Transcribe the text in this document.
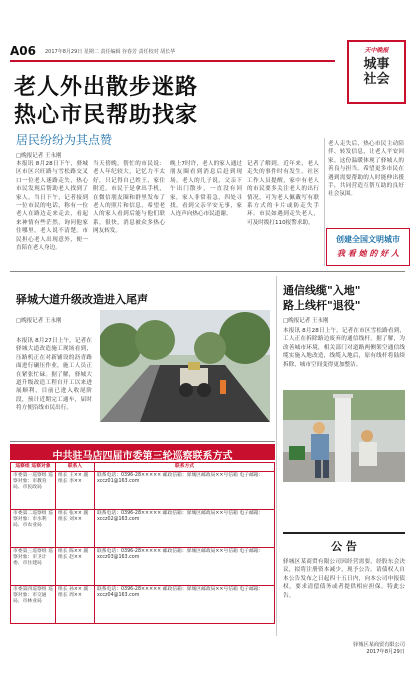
A06 2017年8月29日 星期二 责任编辑 谷春芳 责任校对 胡长华	天中晚报
城事
社会
老人外出散步迷路
热心市民帮助找家
居民纷纷为其点赞
□晚报记者 王永刚
本报讯 8月28日下午，驿城区市区兴旺路与雪松路交叉口一位老人迷路走失，热心市民发现后帮助老人找到了家人。当日下午，记者接到一位市民的电话，称有一位老人在路边走来走去，看起来神情有些茫然，询问他家住哪里，老人说不清楚。市民担心老人出现意外，便一直陪在老人身边。
当天傍晚，帮忙的市民说：老人年纪较大，记忆力不太好，只记得自己姓王，家住附近。市民于是拿出手机，在微信朋友圈和群里发布了老人的照片和信息，希望老人的家人看到后能与他们联系。很快，消息被众多热心网友转发。
晚上7时许，老人的家人通过朋友圈看到消息后赶到现场。老人的儿子说，父亲下午出门散步，一直没有回家，家人非常着急，四处寻找。看到父亲平安无事，家人连声向热心市民道谢。
记者了解到，近年来，老人走失的事件时有发生。社区工作人员提醒，家中有老人的市民要多关注老人的出行情况，可为老人佩戴写有联系方式的卡片或防走失手环。市民如遇到走失老人，可及时拨打110报警求助。
老人走失后，热心市民主动陪伴、转发信息，让老人平安回家。这份温暖体现了驿城人的善良与担当。希望更多市民在遇到需要帮助的人时能伸出援手，共同营造互帮互助的良好社会氛围。
创建全国文明城市
我 看 她 的 好 人
驿城大道升级改造进入尾声
□晚报记者 王永刚
本报讯 8月27日上午，记者在驿城大道改造施工现场看到，压路机正在对新铺设的沥青路面进行碾压作业，施工人员正在紧张忙碌。据了解，驿城大道升级改造工程自开工以来进展顺利，目前已进入收尾阶段，预计近期完工通车，届时将方便沿线市民出行。
通信线缆"入地"
路上线杆"退役"
□晚报记者 王永刚
本报讯 8月28日上午，记者在市区雪松路看到，工人正在拆除路边废弃的通信线杆。据了解，为改善城市环境，相关部门对道路两侧架空通信线缆实施入地改造，线缆入地后，原有线杆将陆续拆除，城市空间变得更加整洁。
中共驻马店四届市委第三轮巡察联系方式
巡察组 巡察对象	联系人	联系方式
市委第一巡察组 巡察对象：市教育局、市民政局	组长 王×× 副组长 李××	联系电话：0396-28××××× 邮政信箱：驿城区邮政局××号信箱 电子邮箱：xccz01@163.com
市委第二巡察组 巡察对象：市水利局、市农业局	组长 张×× 副组长 刘××	联系电话：0396-28××××× 邮政信箱：驿城区邮政局××号信箱 电子邮箱：xccz02@163.com
市委第三巡察组 巡察对象：市卫计委、市住建局	组长 陈×× 副组长 赵××	联系电话：0396-28××××× 邮政信箱：驿城区邮政局××号信箱 电子邮箱：xccz03@163.com
市委第四巡察组 巡察对象：市交通局、市林业局	组长 孙×× 副组长 周××	联系电话：0396-28××××× 邮政信箱：驿城区邮政局××号信箱 电子邮箱：xccz04@163.com
公 告
驿城区某商贸有限公司因经营需要，经股东会决议，拟将注册资本减少，现予公告。请债权人自本公告发布之日起四十五日内，向本公司申报债权，要求清偿债务或者提供相应担保。特此公告。
驿城区某商贸有限公司
2017年8月29日
